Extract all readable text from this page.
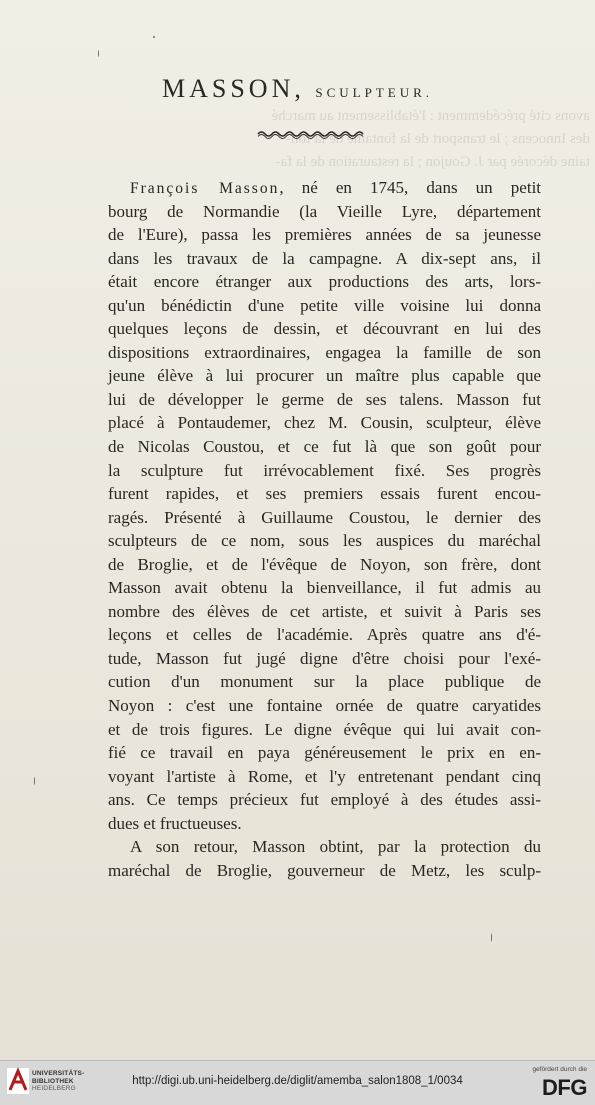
avons cité précédemment : l'établissement au marché
des Innocens ; le transport de la fontaine de la fon-
taine décorée par J. Goujon ; la restauration de la fa-
MASSON, SCULPTEUR.
François Masson, né en 1745, dans un petit
bourg de Normandie (la Vieille Lyre, département
de l'Eure), passa les premières années de sa jeunesse
dans les travaux de la campagne. A dix-sept ans, il
était encore étranger aux productions des arts, lors-
qu'un bénédictin d'une petite ville voisine lui donna
quelques leçons de dessin, et découvrant en lui des
dispositions extraordinaires, engagea la famille de son
jeune élève à lui procurer un maître plus capable que
lui de développer le germe de ses talens. Masson fut
placé à Pontaudemer, chez M. Cousin, sculpteur, élève
de Nicolas Coustou, et ce fut là que son goût pour
la sculpture fut irrévocablement fixé. Ses progrès
furent rapides, et ses premiers essais furent encou-
ragés. Présenté à Guillaume Coustou, le dernier des
sculpteurs de ce nom, sous les auspices du maréchal
de Broglie, et de l'évêque de Noyon, son frère, dont
Masson avait obtenu la bienveillance, il fut admis au
nombre des élèves de cet artiste, et suivit à Paris ses
leçons et celles de l'académie. Après quatre ans d'é-
tude, Masson fut jugé digne d'être choisi pour l'exé-
cution d'un monument sur la place publique de
Noyon : c'est une fontaine ornée de quatre caryatides
et de trois figures. Le digne évêque qui lui avait con-
fié ce travail en paya généreusement le prix en en-
voyant l'artiste à Rome, et l'y entretenant pendant cinq
ans. Ce temps précieux fut employé à des études assi-
dues et fructueuses.
A son retour, Masson obtint, par la protection du
maréchal de Broglie, gouverneur de Metz, les sculp-
UNIVERSITÄTS-
BIBLIOTHEK
HEIDELBERG
http://digi.ub.uni-heidelberg.de/diglit/amemba_salon1808_1/0034
gefördert durch die
DFG
